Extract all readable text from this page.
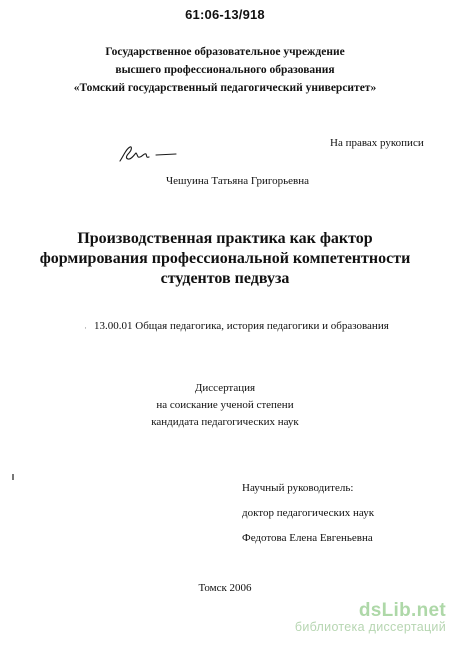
61:06-13/918
Государственное образовательное учреждение
высшего профессионального образования
«Томский государственный педагогический университет»
На правах рукописи
Чешуина Татьяна Григорьевна
Производственная практика как фактор
формирования профессиональной компетентности
студентов педвуза
· 13.00.01 Общая педагогика, история педагогики и образования
Диссертация
на соискание ученой степени
кандидата педагогических наук
Научный руководитель:
доктор педагогических наук
Федотова Елена Евгеньевна
Томск 2006
dsLib.net
библиотека диссертаций
